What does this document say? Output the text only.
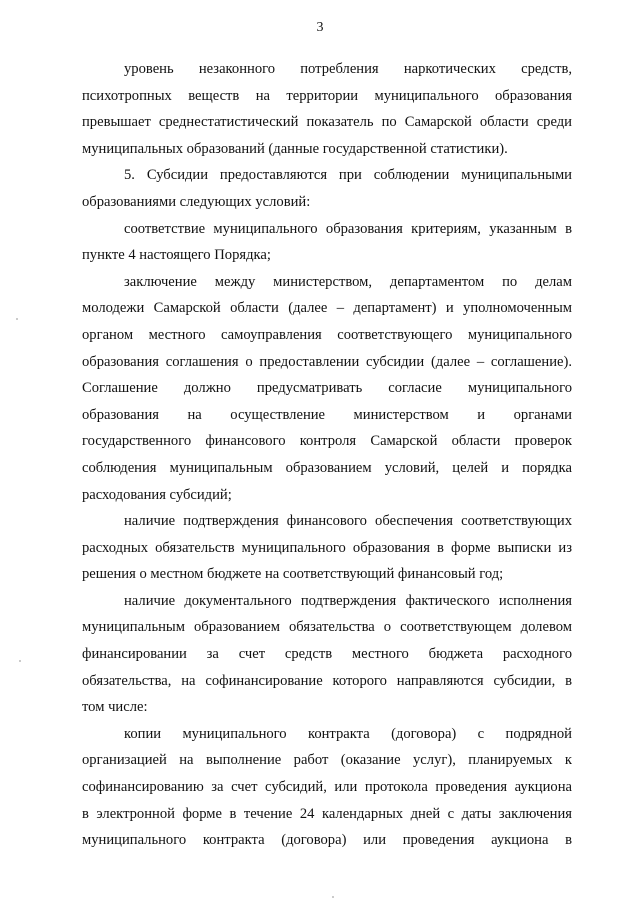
3
уровень незаконного потребления наркотических средств,
психотропных веществ на территории муниципального образования
превышает среднестатистический показатель по Самарской области среди
муниципальных образований (данные государственной статистики).
5. Субсидии предоставляются при соблюдении муниципальными
образованиями следующих условий:
соответствие муниципального образования критериям, указанным в
пункте 4 настоящего Порядка;
заключение между министерством, департаментом по делам
молодежи Самарской области (далее – департамент) и уполномоченным
органом местного самоуправления соответствующего муниципального
образования соглашения о предоставлении субсидии (далее – соглашение).
Соглашение должно предусматривать согласие муниципального
образования на осуществление министерством и органами
государственного финансового контроля Самарской области проверок
соблюдения муниципальным образованием условий, целей и порядка
расходования субсидий;
наличие подтверждения финансового обеспечения соответствующих
расходных обязательств муниципального образования в форме выписки из
решения о местном бюджете на соответствующий финансовый год;
наличие документального подтверждения фактического исполнения
муниципальным образованием обязательства о соответствующем долевом
финансировании за счет средств местного бюджета расходного
обязательства, на софинансирование которого направляются субсидии, в
том числе:
копии муниципального контракта (договора) с подрядной
организацией на выполнение работ (оказание услуг), планируемых к
софинансированию за счет субсидий, или протокола проведения аукциона
в электронной форме в течение 24 календарных дней с даты заключения
муниципального контракта (договора) или проведения аукциона в
